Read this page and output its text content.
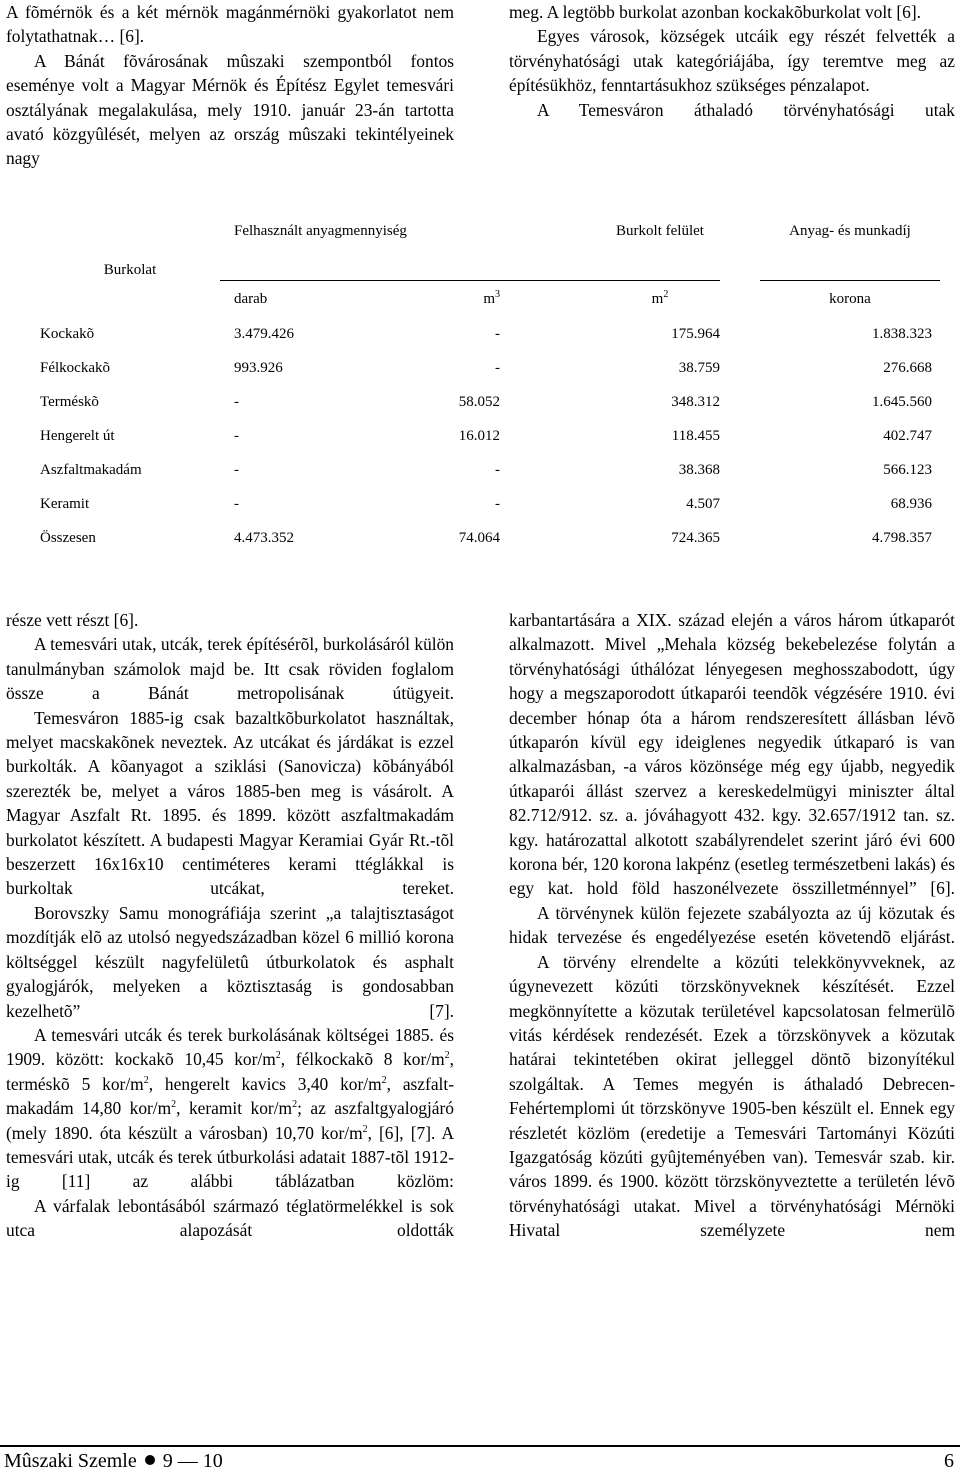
A fõmérnök és a két mérnök magánmérnöki gyakorlatot nem folytathatnak… [6].

A Bánát fõvárosának mûszaki szempontból fontos eseménye volt a Magyar Mérnök és Építész Egylet temesvári osztályának megalakulása, mely 1910. január 23-án tartotta avató közgyûlését, melyen az ország mûszaki tekintélyeinek nagy

meg. A legtöbb burkolat azonban kockakõburkolat volt [6].

Egyes városok, községek utcáik egy részét felvették a törvényhatósági utak kategóriájába, így teremtve meg az építésükhöz, fenntartásukhoz szükséges pénzalapot.

A Temesváron áthaladó törvényhatósági utak

Burkolat	Felhasznált anyagmennyiség			Burkolt felület		Anyag- és munkadíj
	darab	$m^3$		$m^2$		korona
Kockakõ	3.479.426	-		175.964		1.838.323
Félkockakõ	993.926	-		38.759		276.668
Terméskõ	-	58.052		348.312		1.645.560
Hengerelt út	-	16.012		118.455		402.747
Aszfaltmakadám	-	-		38.368		566.123
Keramit	-	-		4.507		68.936
Összesen	4.473.352	74.064		724.365		4.798.357

része vett részt [6].

A temesvári utak, utcák, terek építésérõl, burkolásáról külön tanulmányban számolok majd be. Itt csak röviden foglalom össze a Bánát metropolisának útügyeit.

Temesváron 1885-ig csak bazaltkõburkolatot használtak, melyet macskakõnek neveztek. Az utcákat és járdákat is ezzel burkolták. A kõanyagot a sziklási (Sanovicza) kõbányából szerezték be, melyet a város 1885-ben meg is vásárolt. A Magyar Aszfalt Rt. 1895. és 1899. között aszfaltmakadám burkolatot készített. A budapesti Magyar Keramiai Gyár Rt.-tõl beszerzett 16x16x10 centiméteres kerami ttéglákkal is burkoltak utcákat, tereket.

Borovszky Samu monográfiája szerint „a talajtisztaságot mozdítják elõ az utolsó negyedszázadban közel 6 millió korona költséggel készült nagyfelületû útburkolatok és asphalt gyalogjárók, melyeken a köztisztaság is gondosabban kezelhetõ” [7].

A temesvári utcák és terek burkolásának költségei 1885. és 1909. között: kockakõ 10,45 kor/$m^2$, félkockakõ 8 kor/$m^2$, terméskõ 5 kor/$m^2$, hengerelt kavics 3,40 kor/$m^2$, aszfalt-makadám 14,80 kor/$m^2$, keramit kor/$m^2$; az aszfaltgyalogjáró (mely 1890. óta készült a városban) 10,70 kor/$m^2$, [6], [7]. A temesvári utak, utcák és terek útburkolási adatait 1887-tõl 1912-ig [11] az alábbi táblázatban közlöm:

A várfalak lebontásából származó téglatörmelékkel is sok utca alapozását oldották

karbantartására a XIX. század elején a város három útkaparót alkalmazott. Mivel „Mehala község bekebelezése folytán a törvényhatósági úthálózat lényegesen meghosszabodott, úgy hogy a megszaporodott útkaparói teendõk végzésére 1910. évi december hónap óta a három rendszeresített állásban lévõ útkaparón kívül egy ideiglenes negyedik útkaparó is van alkalmazásban, -a város közönsége még egy újabb, negyedik útkaparói állást szervez a kereskedelmügyi miniszter által 82.712/912. sz. a. jóváhagyott 432. kgy. 32.657/1912 tan. sz. kgy. határozattal alkotott szabályrendelet szerint járó évi 600 korona bér, 120 korona lakpénz (esetleg természetbeni lakás) és egy kat. hold föld haszonélvezete összilletménnyel” [6].

A törvénynek külön fejezete szabályozta az új közutak és hidak tervezése és engedélyezése esetén követendõ eljárást.

A törvény elrendelte a közúti telekkönyvveknek, az úgynevezett közúti törzskönyveknek készítését. Ezzel megkönnyítette a közutak területével kapcsolatosan felmerülõ vitás kérdések rendezését. Ezek a törzskönyvek a közutak határai tekintetében okirat jelleggel döntõ bizonyítékul szolgáltak. A Temes megyén is áthaladó Debrecen-Fehértemplomi út törzskönyve 1905-ben készült el. Ennek egy részletét közlöm (eredetije a Temesvári Tartományi Közúti Igazgatóság közúti gyûjteményében van). Temesvár szab. kir. város 1899. és 1900. között törzskönyveztette a területén lévõ törvényhatósági utakat. Mivel a törvényhatósági Mérnöki Hivatal személyzete nem

Mûszaki Szemle 9 — 10	6
